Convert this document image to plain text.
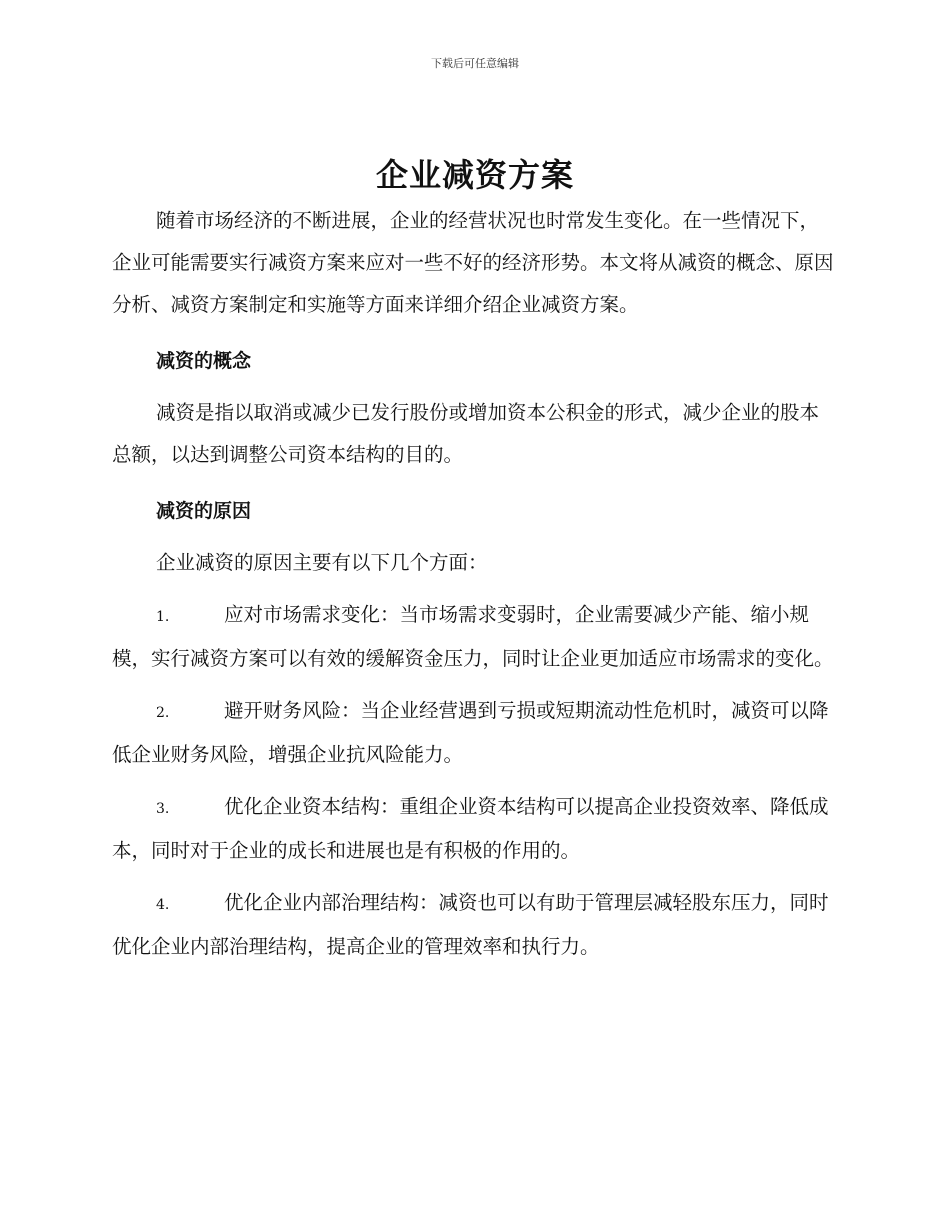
下载后可任意编辑
企业减资方案

随着市场经济的不断进展，企业的经营状况也时常发生变化。在一些情况下，企业可能需要实行减资方案来应对一些不好的经济形势。本文将从减资的概念、原因分析、减资方案制定和实施等方面来详细介绍企业减资方案。

减资的概念

减资是指以取消或减少已发行股份或增加资本公积金的形式，减少企业的股本总额，以达到调整公司资本结构的目的。

减资的原因

企业减资的原因主要有以下几个方面：

1.	应对市场需求变化：当市场需求变弱时，企业需要减少产能、缩小规模，实行减资方案可以有效的缓解资金压力，同时让企业更加适应市场需求的变化。

2.	避开财务风险：当企业经营遇到亏损或短期流动性危机时，减资可以降低企业财务风险，增强企业抗风险能力。

3.	优化企业资本结构：重组企业资本结构可以提高企业投资效率、降低成本，同时对于企业的成长和进展也是有积极的作用的。

4.	优化企业内部治理结构：减资也可以有助于管理层减轻股东压力，同时优化企业内部治理结构，提高企业的管理效率和执行力。
